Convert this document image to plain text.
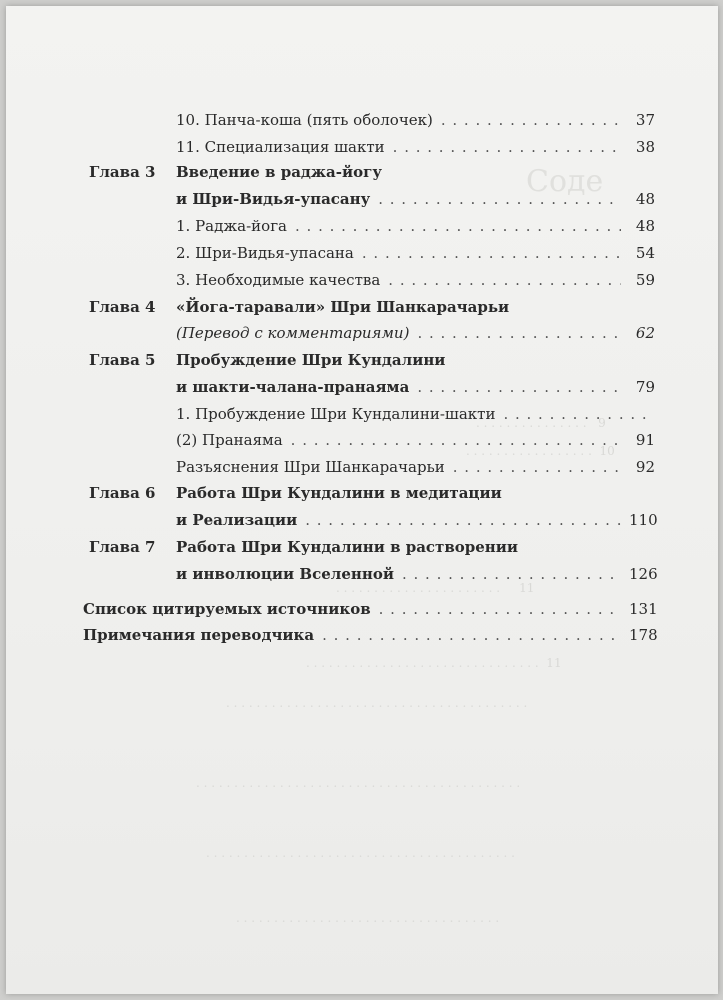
Соде
. . . . . . . . . . . . . . .   9
. . . . . . . . . . . . . . . . .  10
. . . . . . . . . . . . . . . . . . . . . .     11
. . . . . . . . . . . . . . . . . . . . . . . . . . . . . . .  11
. . . . . . . . . . . . . . . . . . . . . . . . . . . . . . . . . . . . . . . .
. . . . . . . . . . . . . . . . . . . . . . . . . . . . . . . . . . . . . . . . . . .
. . . . . . . . . . . . . . . . . . . . . . . . . . . . . . . . . . . . . . . . .
. . . . . . . . . . . . . . . . . . . . . . . . . . . . . . . . . . .
10. Панча-коша (пять оболочек) . . .	37
11. Специализация шакти . . .	38
Глава 3 Введение в раджа-йогу
и Шри-Видья-упасану . . .	48
1. Раджа-йога . . .	48
2. Шри-Видья-упасана . . .	54
3. Необходимые качества . . .	59
Глава 4 «Йога-таравали» Шри Шанкарачарьи
(Перевод с комментариями) . . .	62
Глава 5 Пробуждение Шри Кундалини
и шакти-чалана-пранаяма . . .	79
1. Пробуждение Шри Кундалини-шакти
. . .
(2) Пранаяма . . .	91
Разъяснения Шри Шанкарачарьи . . .	92
Глава 6 Работа Шри Кундалини в медитации
и Реализации . . .	110
Глава 7 Работа Шри Кундалини в растворении
и инволюции Вселенной . . .	126
Список цитируемых источников . . .	131
Примечания переводчика . . .	178
